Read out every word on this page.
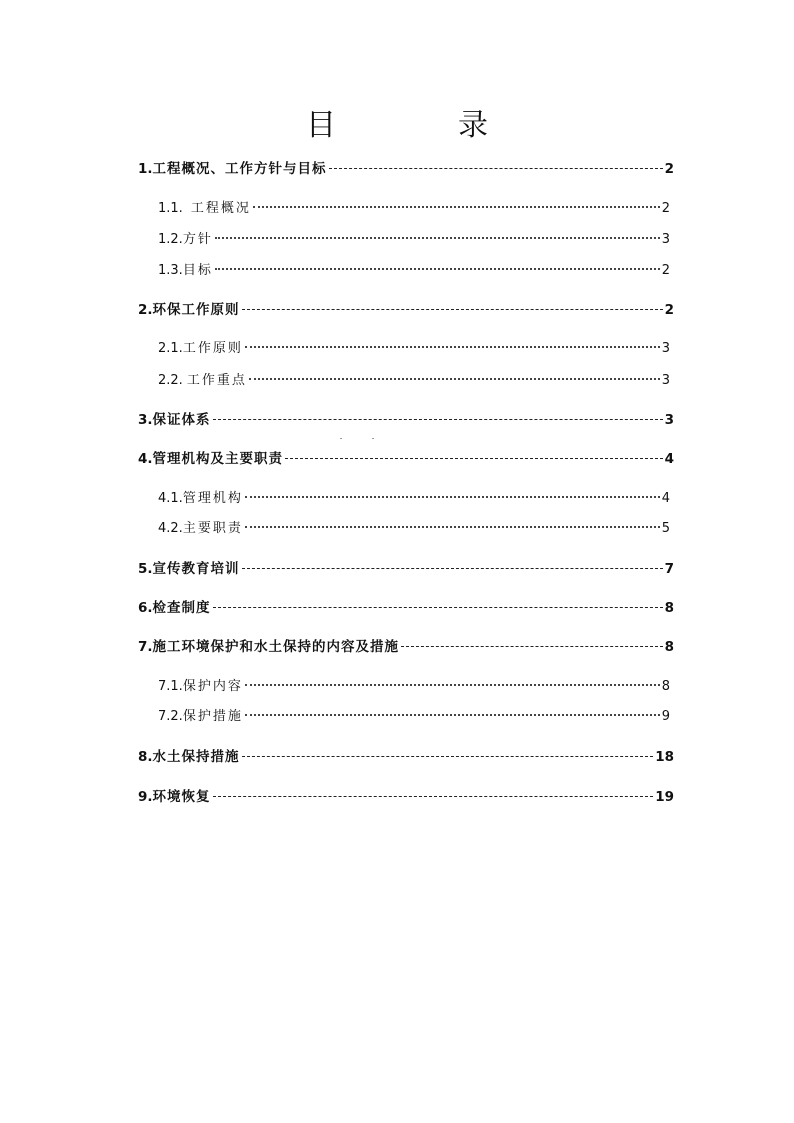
目　录
1. 工程概况、工作方针与目标	2
1.1. 工程概况	2
1.2. 方针	3
1.3. 目标	2
2. 环保工作原则	2
2.1. 工作原则	3
2.2. 工作重点	3
3. 保证体系	3
4. 管理机构及主要职责	4
4.1. 管理机构	4
4.2. 主要职责	5
5. 宣传教育培训	7
6. 检查制度	8
7. 施工环境保护和水土保持的内容及措施	8
7.1. 保护内容	8
7.2. 保护措施	9
8. 水土保持措施	18
9. 环境恢复	19
